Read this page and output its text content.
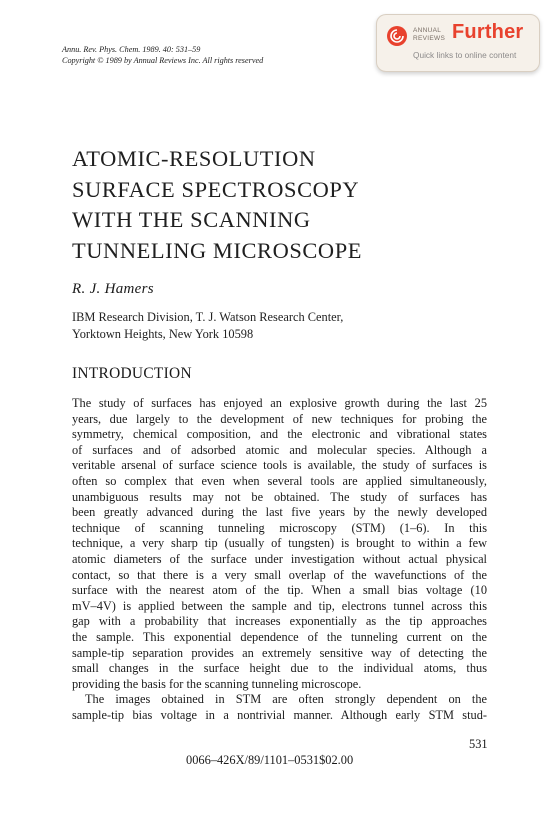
Annu. Rev. Phys. Chem. 1989. 40: 531–59
Copyright © 1989 by Annual Reviews Inc. All rights reserved
ANNUAL
REVIEWS Further
Quick links to online content
ATOMIC-RESOLUTION
SURFACE SPECTROSCOPY
WITH THE SCANNING
TUNNELING MICROSCOPE
R. J. Hamers
IBM Research Division, T. J. Watson Research Center,
Yorktown Heights, New York 10598
INTRODUCTION
The study of surfaces has enjoyed an explosive growth during the last 25
years, due largely to the development of new techniques for probing the
symmetry, chemical composition, and the electronic and vibrational states
of surfaces and of adsorbed atomic and molecular species. Although a
veritable arsenal of surface science tools is available, the study of surfaces is
often so complex that even when several tools are applied simultaneously,
unambiguous results may not be obtained. The study of surfaces has
been greatly advanced during the last five years by the newly developed
technique of scanning tunneling microscopy (STM) (1–6). In this
technique, a very sharp tip (usually of tungsten) is brought to within a few
atomic diameters of the surface under investigation without actual physical
contact, so that there is a very small overlap of the wavefunctions of the
surface with the nearest atom of the tip. When a small bias voltage (10
mV–4V) is applied between the sample and tip, electrons tunnel across this
gap with a probability that increases exponentially as the tip approaches
the sample. This exponential dependence of the tunneling current on the
sample-tip separation provides an extremely sensitive way of detecting the
small changes in the surface height due to the individual atoms, thus
providing the basis for the scanning tunneling microscope.
The images obtained in STM are often strongly dependent on the
sample-tip bias voltage in a nontrivial manner. Although early STM stud-
531
0066–426X/89/1101–0531$02.00
